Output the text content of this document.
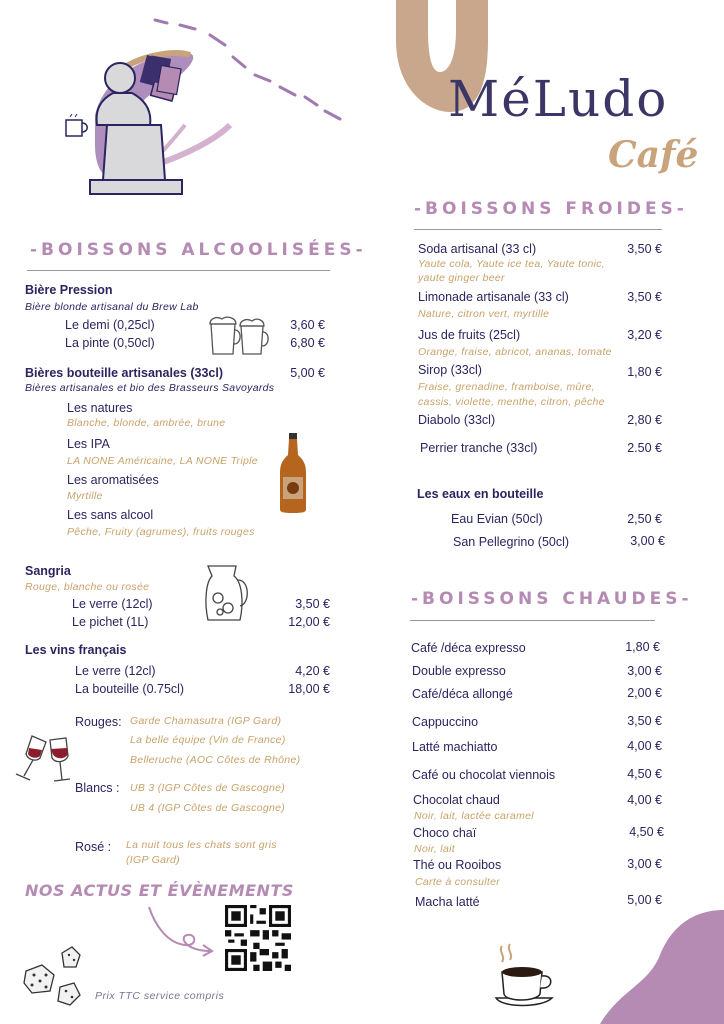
MéLudo
Café
-BOISSONS ALCOOLISÉES-
Bière Pression
Bière blonde artisanal du Brew Lab
Le demi (0,25cl)	3,60 €
La pinte (0,50cl)	6,80 €
Bières bouteille artisanales (33cl)	5,00 €
Bières artisanales et bio des Brasseurs Savoyards
Les natures
Blanche, blonde, ambrée, brune
Les IPA
LA NONE Américaine, LA NONE Triple
Les aromatisées
Myrtille
Les sans alcool
Pêche, Fruity (agrumes), fruits rouges
Sangria
Rouge, blanche ou rosée
Le verre (12cl)	3,50 €
Le pichet (1L)	12,00 €
Les vins français
Le verre (12cl)	4,20 €
La bouteille (0.75cl)	18,00 €
Rouges: Garde Chamasutra (IGP Gard)
La belle équipe (Vin de France)
Belleruche (AOC Côtes de Rhône)
Blancs : UB 3 (IGP Côtes de Gascogne)
UB 4 (IGP Côtes de Gascogne)
Rosé : La nuit tous les chats sont gris
(IGP Gard)
NOS ACTUS ET ÉVÈNEMENTS
Prix TTC service compris
-BOISSONS FROIDES-
Soda artisanal (33 cl)	3,50 €
Yaute cola, Yaute ice tea, Yaute tonic,
yaute ginger beer
Limonade artisanale (33 cl)	3,50 €
Nature, citron vert, myrtille
Jus de fruits (25cl)	3,20 €
Orange, fraise, abricot, ananas, tomate
Sirop (33cl)	1,80 €
Fraise, grenadine, framboise, mûre,
cassis, violette, menthe, citron, pêche
Diabolo (33cl)	2,80 €
Perrier tranche (33cl)	2.50 €
Les eaux en bouteille
Eau Evian (50cl)	2,50 €
San Pellegrino (50cl)	3,00 €
-BOISSONS CHAUDES-
Café /déca expresso	1,80 €
Double expresso	3,00 €
Café/déca allongé	2,00 €
Cappuccino	3,50 €
Latté machiatto	4,00 €
Café ou chocolat viennois	4,50 €
Chocolat chaud	4,00 €
Noir, lait, lactée caramel
Choco chaï	4,50 €
Noir, lait
Thé ou Rooibos	3,00 €
Carte à consulter
Macha latté	5,00 €
